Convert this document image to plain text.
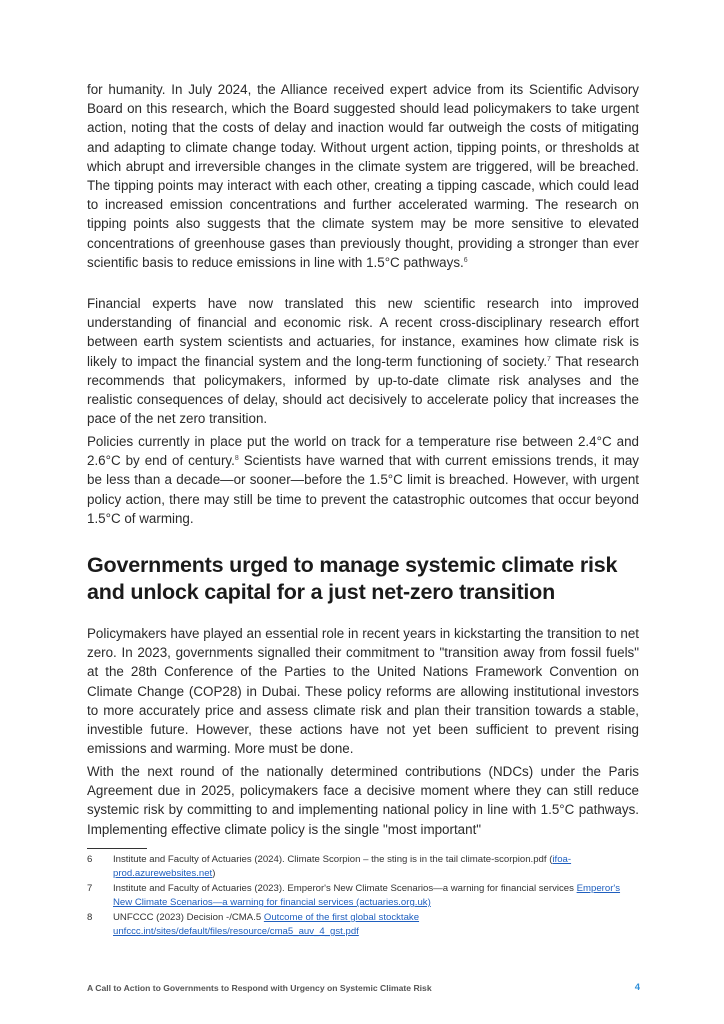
for humanity. In July 2024, the Alliance received expert advice from its Scientific Advisory Board on this research, which the Board suggested should lead policymakers to take urgent action, noting that the costs of delay and inaction would far outweigh the costs of mitigating and adapting to climate change today. Without urgent action, tipping points, or thresholds at which abrupt and irreversible changes in the climate system are triggered, will be breached. The tipping points may interact with each other, creating a tipping cascade, which could lead to increased emission concentrations and further accelerated warming. The research on tipping points also suggests that the climate system may be more sensitive to elevated concentrations of greenhouse gases than previously thought, providing a stronger than ever scientific basis to reduce emissions in line with 1.5°C pathways.$^6$

Financial experts have now translated this new scientific research into improved understanding of financial and economic risk. A recent cross-disciplinary research effort between earth system scientists and actuaries, for instance, examines how climate risk is likely to impact the financial system and the long-term functioning of society.$^7$ That research recommends that policymakers, informed by up-to-date climate risk analyses and the realistic consequences of delay, should act decisively to accelerate policy that increases the pace of the net zero transition.

Policies currently in place put the world on track for a temperature rise between 2.4°C and 2.6°C by end of century.$^8$ Scientists have warned that with current emissions trends, it may be less than a decade—or sooner—before the 1.5°C limit is breached. However, with urgent policy action, there may still be time to prevent the catastrophic outcomes that occur beyond 1.5°C of warming.

Governments urged to manage systemic climate risk and unlock capital for a just net-zero transition

Policymakers have played an essential role in recent years in kickstarting the transition to net zero. In 2023, governments signalled their commitment to "transition away from fossil fuels" at the 28th Conference of the Parties to the United Nations Framework Convention on Climate Change (COP28) in Dubai. These policy reforms are allowing institutional investors to more accurately price and assess climate risk and plan their transition towards a stable, investible future. However, these actions have not yet been sufficient to prevent rising emissions and warming. More must be done.

With the next round of the nationally determined contributions (NDCs) under the Paris Agreement due in 2025, policymakers face a decisive moment where they can still reduce systemic risk by committing to and implementing national policy in line with 1.5°C pathways. Implementing effective climate policy is the single "most important"

6	Institute and Faculty of Actuaries (2024). Climate Scorpion – the sting is in the tail climate-scorpion.pdf (ifoa-prod.azurewebsites.net)
7	Institute and Faculty of Actuaries (2023). Emperor's New Climate Scenarios—a warning for financial services Emperor's New Climate Scenarios—a warning for financial services (actuaries.org.uk)
8	UNFCCC (2023) Decision -/CMA.5 Outcome of the first global stocktake unfccc.int/sites/default/files/resource/cma5_auv_4_gst.pdf
A Call to Action to Governments to Respond with Urgency on Systemic Climate Risk	4
